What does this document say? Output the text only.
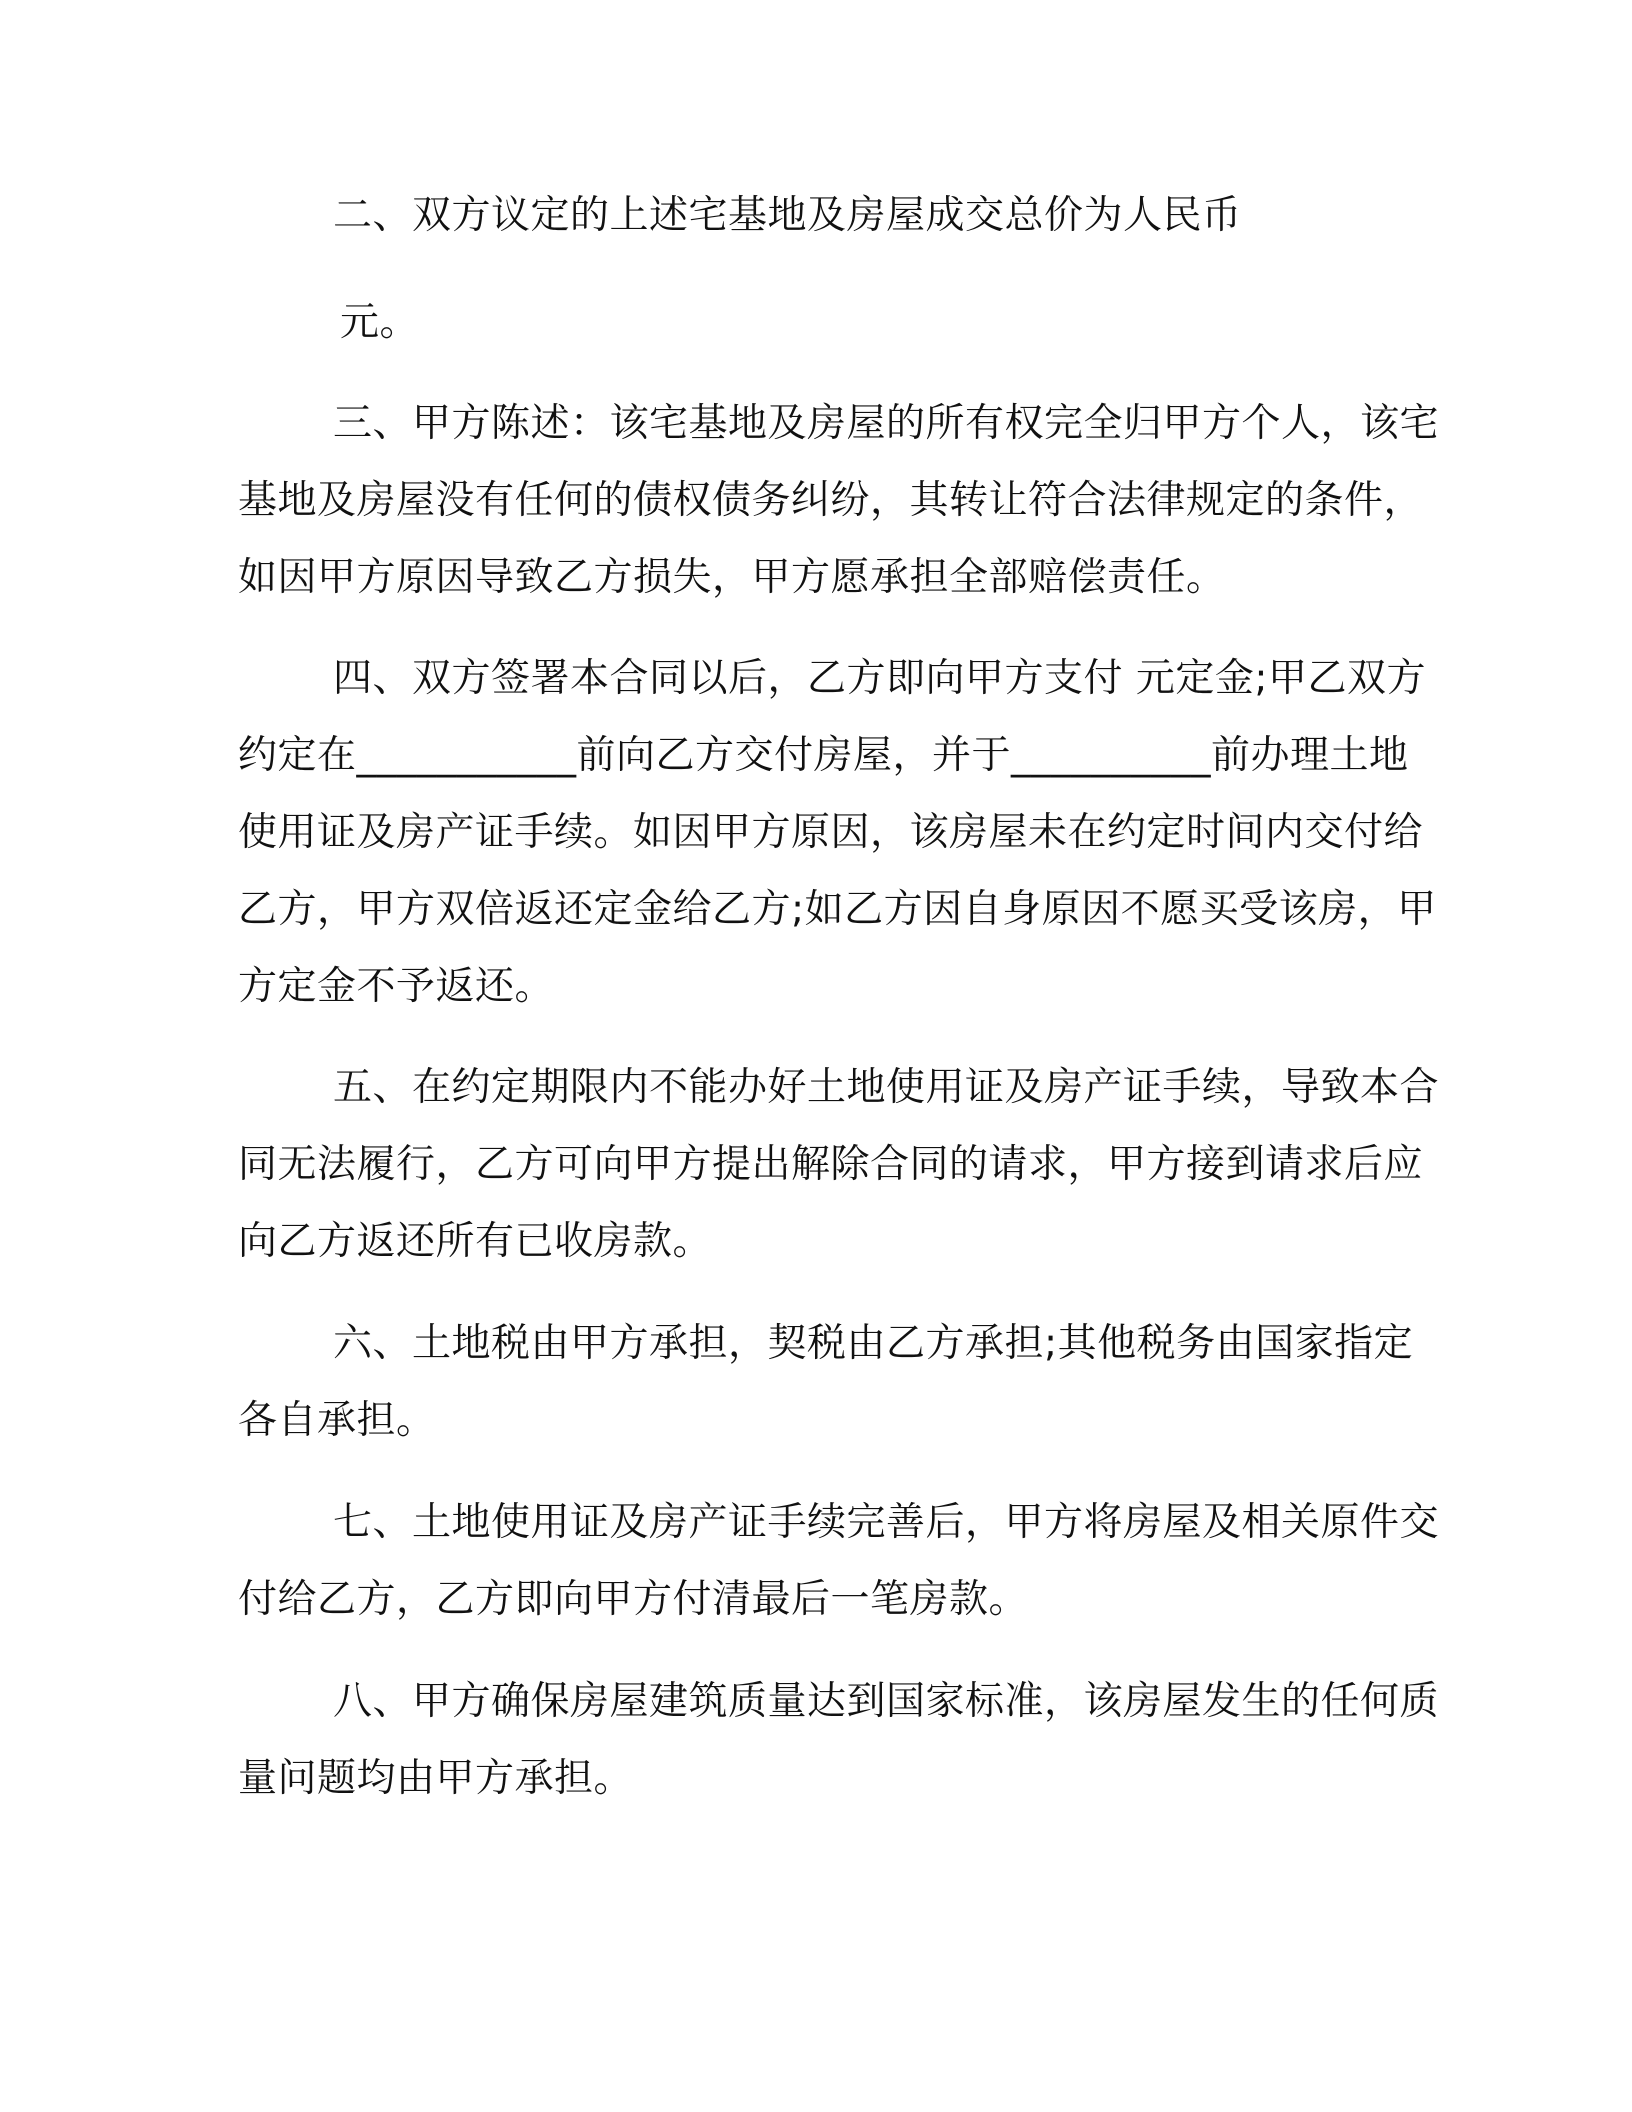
二、双方议定的上述宅基地及房屋成交总价为人民币
元。
三、甲方陈述：该宅基地及房屋的所有权完全归甲方个人，该宅
基地及房屋没有任何的债权债务纠纷，其转让符合法律规定的条件，
如因甲方原因导致乙方损失，甲方愿承担全部赔偿责任。
四、双方签署本合同以后，乙方即向甲方支付 元定金;甲乙双方
约定在___________前向乙方交付房屋，并于__________前办理土地
使用证及房产证手续。如因甲方原因，该房屋未在约定时间内交付给
乙方，甲方双倍返还定金给乙方;如乙方因自身原因不愿买受该房，甲
方定金不予返还。
五、在约定期限内不能办好土地使用证及房产证手续，导致本合
同无法履行，乙方可向甲方提出解除合同的请求，甲方接到请求后应
向乙方返还所有已收房款。
六、土地税由甲方承担，契税由乙方承担;其他税务由国家指定
各自承担。
七、土地使用证及房产证手续完善后，甲方将房屋及相关原件交
付给乙方，乙方即向甲方付清最后一笔房款。
八、甲方确保房屋建筑质量达到国家标准，该房屋发生的任何质
量问题均由甲方承担。
